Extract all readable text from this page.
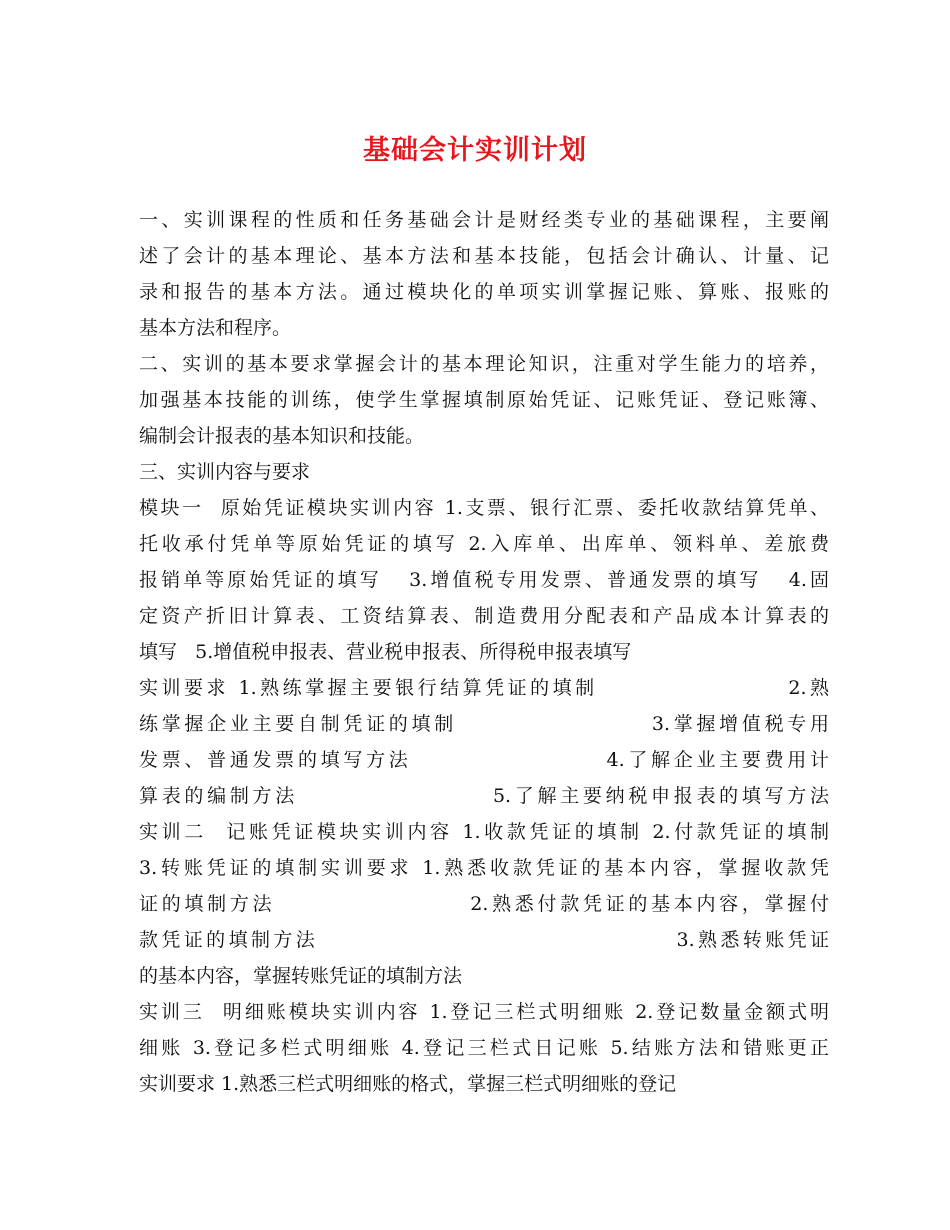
基础会计实训计划

一、实训课程的性质和任务基础会计是财经类专业的基础课程，主要阐

述了会计的基本理论、基本方法和基本技能，包括会计确认、计量、记

录和报告的基本方法。通过模块化的单项实训掌握记账、算账、报账的

基本方法和程序。

二、实训的基本要求掌握会计的基本理论知识，注重对学生能力的培养，

加强基本技能的训练，使学生掌握填制原始凭证、记账凭证、登记账簿、

编制会计报表的基本知识和技能。

三、实训内容与要求

模块一  原始凭证模块实训内容 1.支票、银行汇票、委托收款结算凭单、

托收承付凭单等原始凭证的填写 2.入库单、出库单、领料单、差旅费

报销单等原始凭证的填写   3.增值税专用发票、普通发票的填写   4.固

定资产折旧计算表、工资结算表、制造费用分配表和产品成本计算表的

填写   5.增值税申报表、营业税申报表、所得税申报表填写

实训要求 1.熟练掌握主要银行结算凭证的填制                    2.熟

练掌握企业主要自制凭证的填制                    3.掌握增值税专用

发票、普通发票的填写方法                    4.了解企业主要费用计

算表的编制方法                    5.了解主要纳税申报表的填写方法

实训二  记账凭证模块实训内容 1.收款凭证的填制 2.付款凭证的填制

3.转账凭证的填制实训要求 1.熟悉收款凭证的基本内容，掌握收款凭

证的填制方法                    2.熟悉付款凭证的基本内容，掌握付

款凭证的填制方法                                      3.熟悉转账凭证

的基本内容，掌握转账凭证的填制方法

实训三  明细账模块实训内容 1.登记三栏式明细账 2.登记数量金额式明

细账 3.登记多栏式明细账 4.登记三栏式日记账 5.结账方法和错账更正

实训要求 1.熟悉三栏式明细账的格式，掌握三栏式明细账的登记
